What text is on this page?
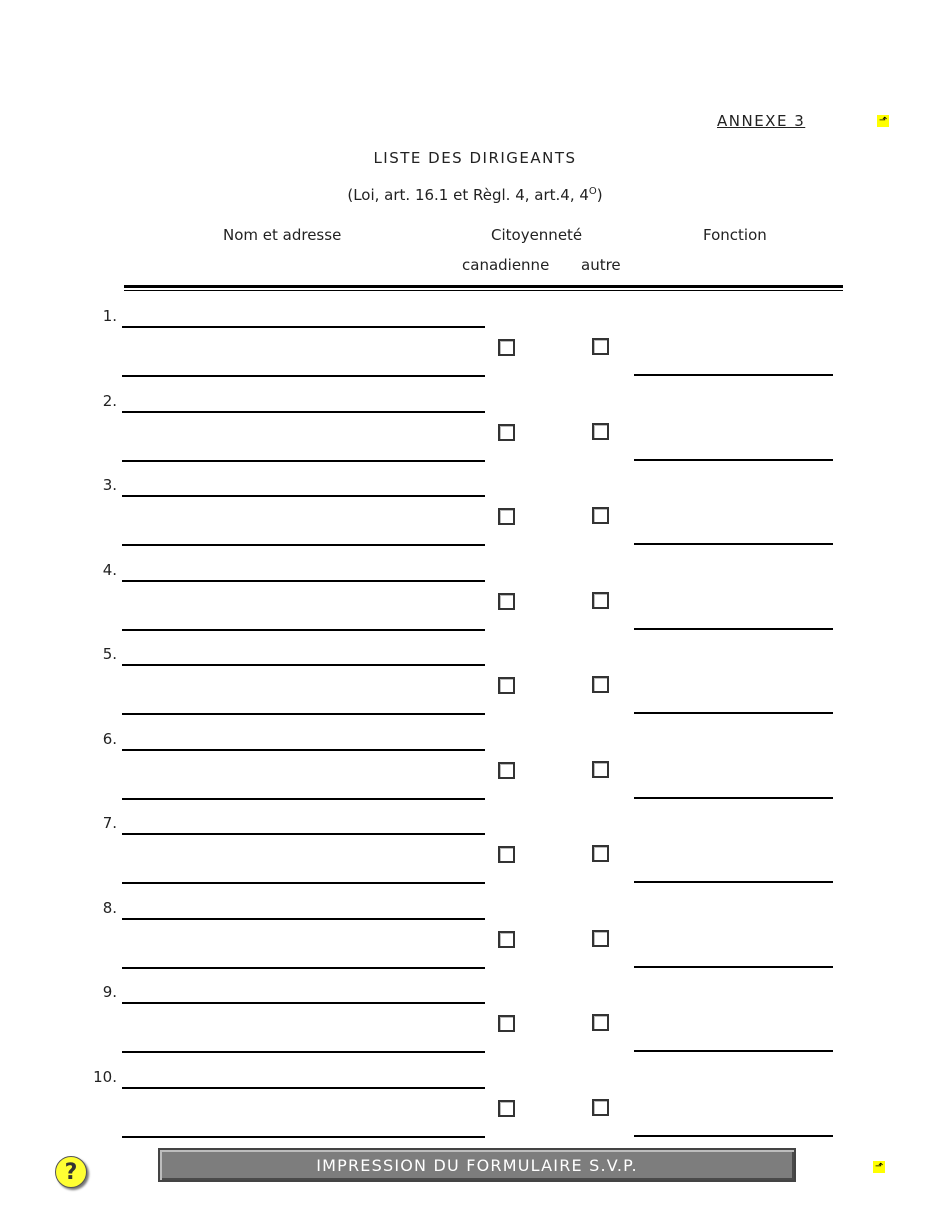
ANNEXE 3	⬏
LISTE DES DIRIGEANTS
(Loi, art. 16.1 et Règl. 4, art.4, $4^O$)
Nom et adresse	Citoyenneté	Fonction
canadienne autre
1.
2.
3.
4.
5.
6.
7.
8.
9.
10.
?	IMPRESSION DU FORMULAIRE S.V.P.	⬏
